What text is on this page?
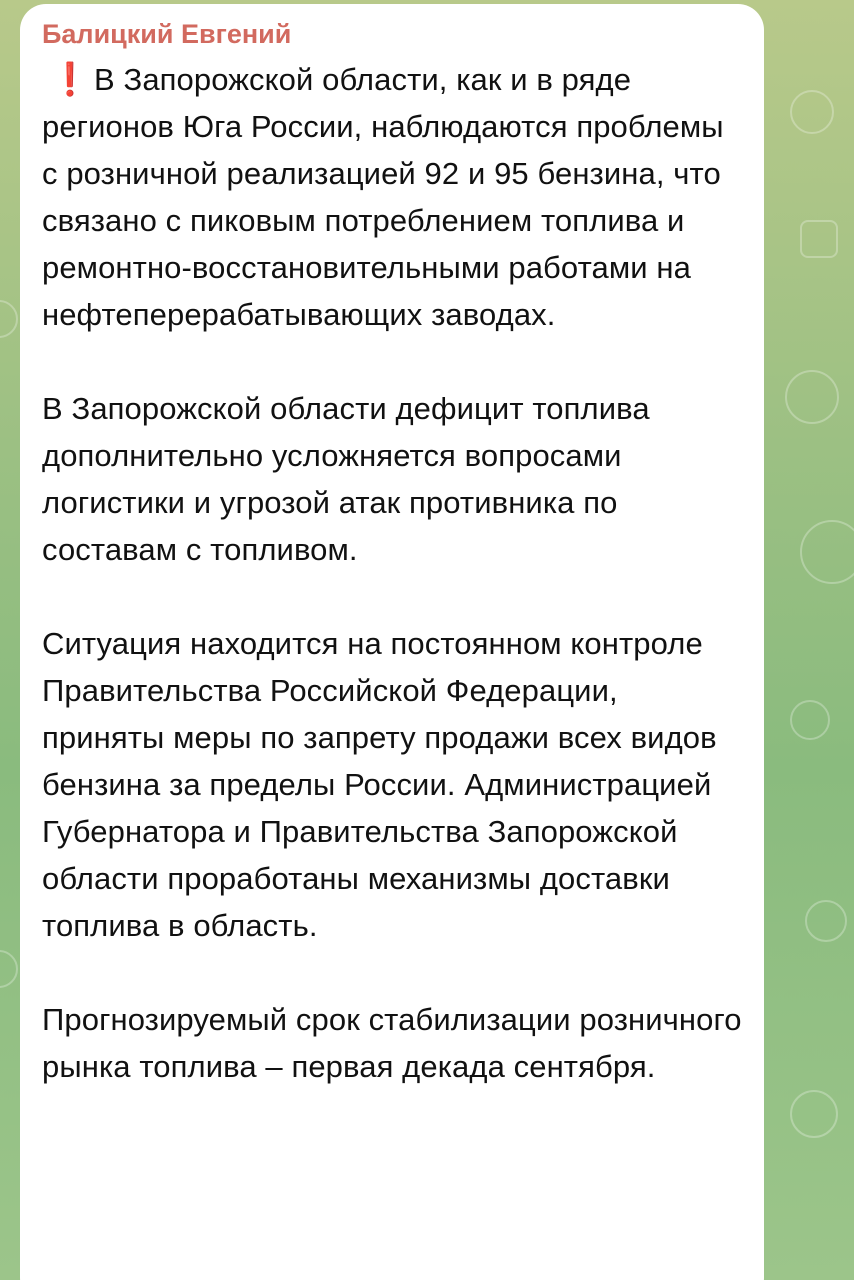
Балицкий Евгений

❗ В Запорожской области, как и в ряде регионов Юга России, наблюдаются проблемы с розничной реализацией 92 и 95 бензина, что связано с пиковым потреблением топлива и ремонтно-восстановительными работами на нефтеперерабатывающих заводах.

В Запорожской области дефицит топлива дополнительно усложняется вопросами логистики и угрозой атак противника по составам с топливом.

Ситуация находится на постоянном контроле Правительства Российской Федерации, приняты меры по запрету продажи всех видов бензина за пределы России. Администрацией Губернатора и Правительства Запорожской области проработаны механизмы доставки топлива в область.

Прогнозируемый срок стабилизации розничного рынка топлива – первая декада сентября.
